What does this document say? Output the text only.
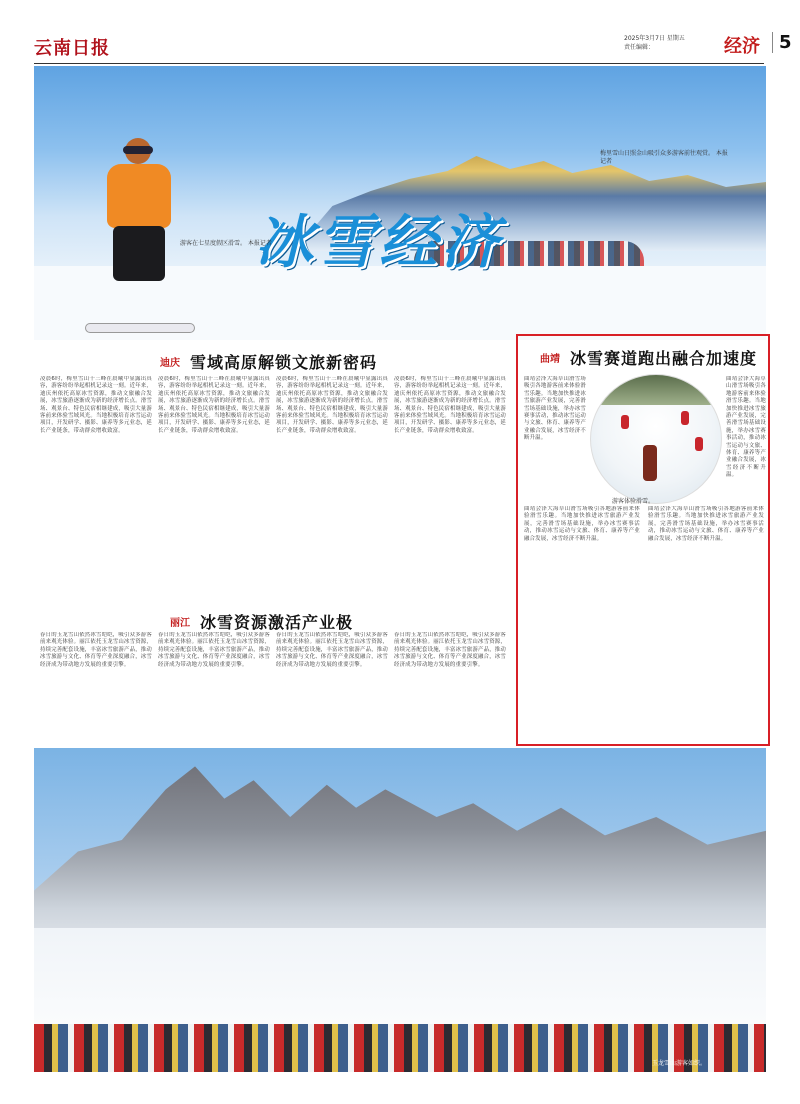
云南日报	2025年3月7日 星期五
责任编辑：	经济	5
冰雪经济
游客在七星度假区滑雪。 本报记者
梅里雪山日照金山吸引众多游客前往观赏。 本报记者
迪庆 雪域高原解锁文旅新密码
凌晨6时，梅里雪山十三峰在晨曦中显露出真容，游客纷纷举起相机记录这一刻。近年来，迪庆州依托高原冰雪资源，推动文旅融合发展，冰雪旅游逐渐成为新的经济增长点。滑雪场、观景台、特色民宿相继建成，吸引大量游客前来体验雪域风光。当地积极培育冰雪运动项目，开发研学、摄影、康养等多元业态，延长产业链条，带动群众增收致富。
凌晨6时，梅里雪山十三峰在晨曦中显露出真容，游客纷纷举起相机记录这一刻。近年来，迪庆州依托高原冰雪资源，推动文旅融合发展，冰雪旅游逐渐成为新的经济增长点。滑雪场、观景台、特色民宿相继建成，吸引大量游客前来体验雪域风光。当地积极培育冰雪运动项目，开发研学、摄影、康养等多元业态，延长产业链条，带动群众增收致富。
凌晨6时，梅里雪山十三峰在晨曦中显露出真容，游客纷纷举起相机记录这一刻。近年来，迪庆州依托高原冰雪资源，推动文旅融合发展，冰雪旅游逐渐成为新的经济增长点。滑雪场、观景台、特色民宿相继建成，吸引大量游客前来体验雪域风光。当地积极培育冰雪运动项目，开发研学、摄影、康养等多元业态，延长产业链条，带动群众增收致富。
凌晨6时，梅里雪山十三峰在晨曦中显露出真容，游客纷纷举起相机记录这一刻。近年来，迪庆州依托高原冰雪资源，推动文旅融合发展，冰雪旅游逐渐成为新的经济增长点。滑雪场、观景台、特色民宿相继建成，吸引大量游客前来体验雪域风光。当地积极培育冰雪运动项目，开发研学、摄影、康养等多元业态，延长产业链条，带动群众增收致富。
丽江 冰雪资源激活产业极
春日的玉龙雪山依然冰雪皑皑，吸引众多游客前来观光体验。丽江依托玉龙雪山冰雪资源，持续完善配套设施，丰富冰雪旅游产品，推动冰雪旅游与文化、体育等产业深度融合，冰雪经济成为带动地方发展的重要引擎。
春日的玉龙雪山依然冰雪皑皑，吸引众多游客前来观光体验。丽江依托玉龙雪山冰雪资源，持续完善配套设施，丰富冰雪旅游产品，推动冰雪旅游与文化、体育等产业深度融合，冰雪经济成为带动地方发展的重要引擎。
春日的玉龙雪山依然冰雪皑皑，吸引众多游客前来观光体验。丽江依托玉龙雪山冰雪资源，持续完善配套设施，丰富冰雪旅游产品，推动冰雪旅游与文化、体育等产业深度融合，冰雪经济成为带动地方发展的重要引擎。
春日的玉龙雪山依然冰雪皑皑，吸引众多游客前来观光体验。丽江依托玉龙雪山冰雪资源，持续完善配套设施，丰富冰雪旅游产品，推动冰雪旅游与文化、体育等产业深度融合，冰雪经济成为带动地方发展的重要引擎。
曲靖 冰雪赛道跑出融合加速度
曲靖会泽大海草山滑雪场吸引各地游客前来体验滑雪乐趣。当地加快推进冰雪旅游产业发展，完善滑雪场基础设施，举办冰雪赛事活动，推动冰雪运动与文旅、体育、康养等产业融合发展，冰雪经济不断升温。
曲靖会泽大海草山滑雪场吸引各地游客前来体验滑雪乐趣。当地加快推进冰雪旅游产业发展，完善滑雪场基础设施，举办冰雪赛事活动，推动冰雪运动与文旅、体育、康养等产业融合发展，冰雪经济不断升温。
游客体验滑雪。
曲靖会泽大海草山滑雪场吸引各地游客前来体验滑雪乐趣。当地加快推进冰雪旅游产业发展，完善滑雪场基础设施，举办冰雪赛事活动，推动冰雪运动与文旅、体育、康养等产业融合发展，冰雪经济不断升温。
曲靖会泽大海草山滑雪场吸引各地游客前来体验滑雪乐趣。当地加快推进冰雪旅游产业发展，完善滑雪场基础设施，举办冰雪赛事活动，推动冰雪运动与文旅、体育、康养等产业融合发展，冰雪经济不断升温。
玉龙雪山游客如织。
